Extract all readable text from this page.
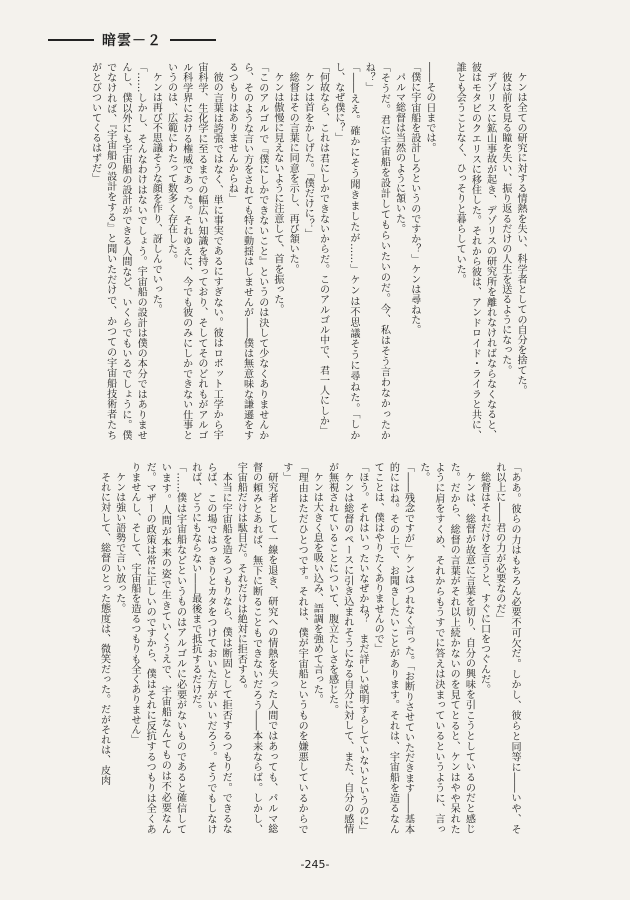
暗雲－２

ケンは全ての研究に対する情熱を失い、科学者としての自分を捨てた。

彼は前を見る瞳を失い、振り返るだけの人生を送るようになった。

デゾリスに鉱山事故が起き、デゾリスの研究所を離れなければならなくなると、彼はモタビのクエリスに移住した。それから彼は、アンドロイド・ライラと共に、誰とも会うことなく、ひっそりと暮らしていた。

――その日までは。

「僕に宇宙船を設計しろというのですか？」ケンは尋ねた。

パルマ総督は当然のように頷いた。

「そうだ。君に宇宙船を設計してもらいたいのだ。今、私はそう言わなかったかね？」

「――ええ。確かにそう聞きましたが……」ケンは不思議そうに尋ねた。「しかし、なぜ僕に？」

「何故なら、これは君にしかできないからだ。このアルゴル中で、君一人にしか」

ケンは首をかしげた。「僕だけに？」

総督はその言葉に同意を示し、再び頷いた。

ケンは傲慢に見えないように注意して、首を振った。

「このアルゴルで『僕にしかできないこと』というのは決して少なくありませんから、そのような言い方をされても特に動揺はしませんが――僕は無意味な謙遜をするつもりはありませんからね」

彼の言葉は誇張ではなく、単に事実であるにすぎない。彼はロボット工学から宇宙科学、生化学に至るまでの幅広い知識を持っており、そしてそのどれもがアルゴル科学界における権威であった。それゆえに、今でも彼のみにしかできない仕事というのは、広範にわたって数多く存在した。

ケンは再び不思議そうな顔を作り、訝しんでいった。

「……しかし、そんなわけはないでしょう。宇宙船の設計は僕の本分ではありませんし、僕以外にも宇宙船の設計ができる人間など、いくらでもいるでしょうに。僕でなければ、『宇宙船の設計をする』と聞いただけで、かつての宇宙船技術者たちがとびついてくるはずだ」

「ああ。彼らの力はもちろん必要不可欠だ。しかし、彼らと同等に――いや、それ以上に――君の力が必要なのだ」

総督はそれだけを言うと、すぐに口をつぐんだ。

ケンは、総督が故意に言葉を切り、自分の興味を引こうとしているのだと感じた。だから、総督の言葉がそれ以上続かないのを見てとると、ケンはやや呆れたように肩をすくめ、それからもうすでに答えは決まっているというように、言った。

「――残念ですが」ケンはつれなく言った。「お断りさせていただきます――基本的にはね。その上で、お聞きしたいことがあります。それは、宇宙船を造るなんてことは、僕はやりたくありませんので」

「ほう。それはいったいなぜかね？　まだ詳しい説明すらしていないというのに」

ケンは総督のペースに引き込まれそうになる自分に対して、また、自分の感情が無視されていることについて、腹立たしさを感じた。

ケンは大きく息を吸い込み、語調を強めて言った。

「理由はただひとつです。それは、僕が宇宙船というものを嫌悪しているからです」

研究者として一線を退き、研究への情熱を失った人間ではあっても、パルマ総督の頼みとあれば、無下に断ることもできないだろう――本来ならば。しかし、宇宙船だけは駄目だ。それだけは絶対に拒否する。

本当に宇宙船を造るつもりなら、僕は断固として拒否するつもりだ。できるならば、この場ではっきりとカタをつけておいた方がいいだろう。そうでもしなければ、どうにもならない――最後まで抵抗するだけだ。

「……僕は宇宙船などというものはアルゴルに必要がないものであると確信しています。人間が本来の姿で生きていくうえで、宇宙船なんてものは不必要なんだ。マザーの政策は常に正しいのですから、僕はそれに反抗するつもりは全くありませんし、そして、宇宙船を造るつもりも全くありません」

ケンは強い語勢で言い放った。

それに対して、総督のとった態度は、微笑だった。だがそれは、皮肉

-245-
